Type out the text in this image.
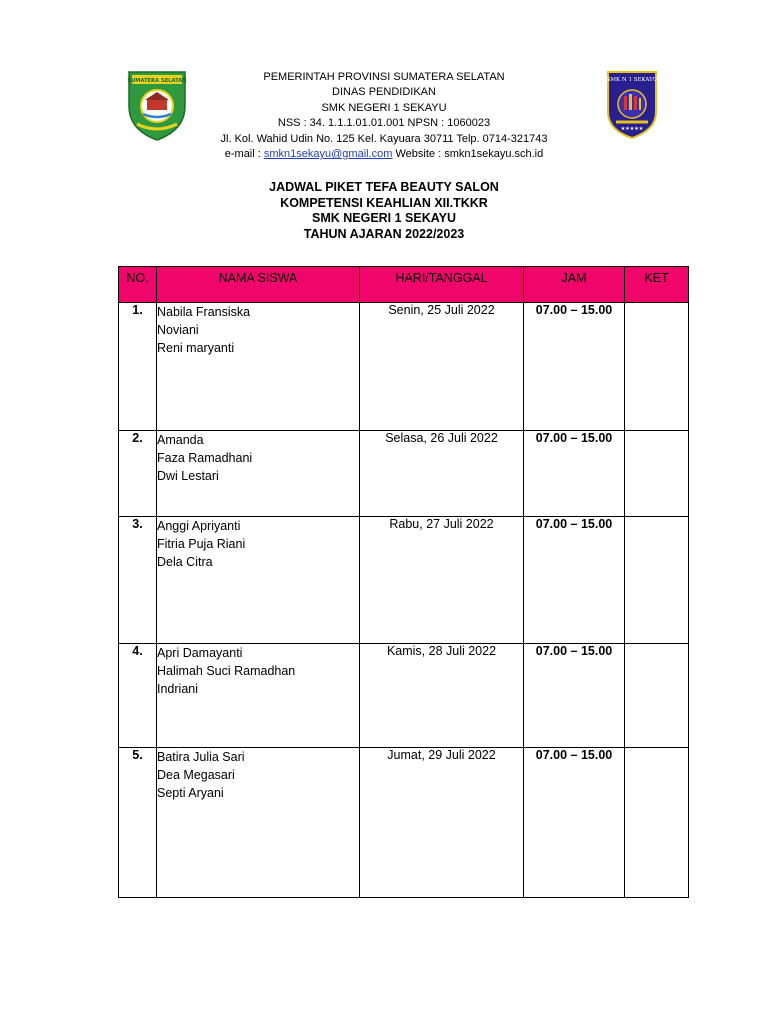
PEMERINTAH PROVINSI SUMATERA SELATAN
DINAS PENDIDIKAN
SMK NEGERI 1 SEKAYU
NSS : 34. 1.1.1.01.01.001 NPSN : 1060023
Jl. Kol. Wahid Udin No. 125 Kel. Kayuara 30711 Telp. 0714-321743
e-mail : smkn1sekayu@gmail.com Website : smkn1sekayu.sch.id
SUMATERA SELATAN	SMK N 1 SEKAYU
★★★★★
JADWAL PIKET TEFA BEAUTY SALON
KOMPETENSI KEAHLIAN XII.TKKR
SMK NEGERI 1 SEKAYU
TAHUN AJARAN 2022/2023
NO.	NAMA SISWA	HARI/TANGGAL	JAM	KET
1.	Nabila Fransiska
Noviani
Reni maryanti	Senin, 25 Juli 2022	07.00 – 15.00	
2.	Amanda
Faza Ramadhani
Dwi Lestari	Selasa, 26 Juli 2022	07.00 – 15.00	
3.	Anggi Apriyanti
Fitria Puja Riani
Dela Citra	Rabu, 27 Juli 2022	07.00 – 15.00	
4.	Apri Damayanti
Halimah Suci Ramadhan
Indriani	Kamis, 28 Juli 2022	07.00 – 15.00	
5.	Batira Julia Sari
Dea Megasari
Septi Aryani	Jumat, 29 Juli 2022	07.00 – 15.00	
